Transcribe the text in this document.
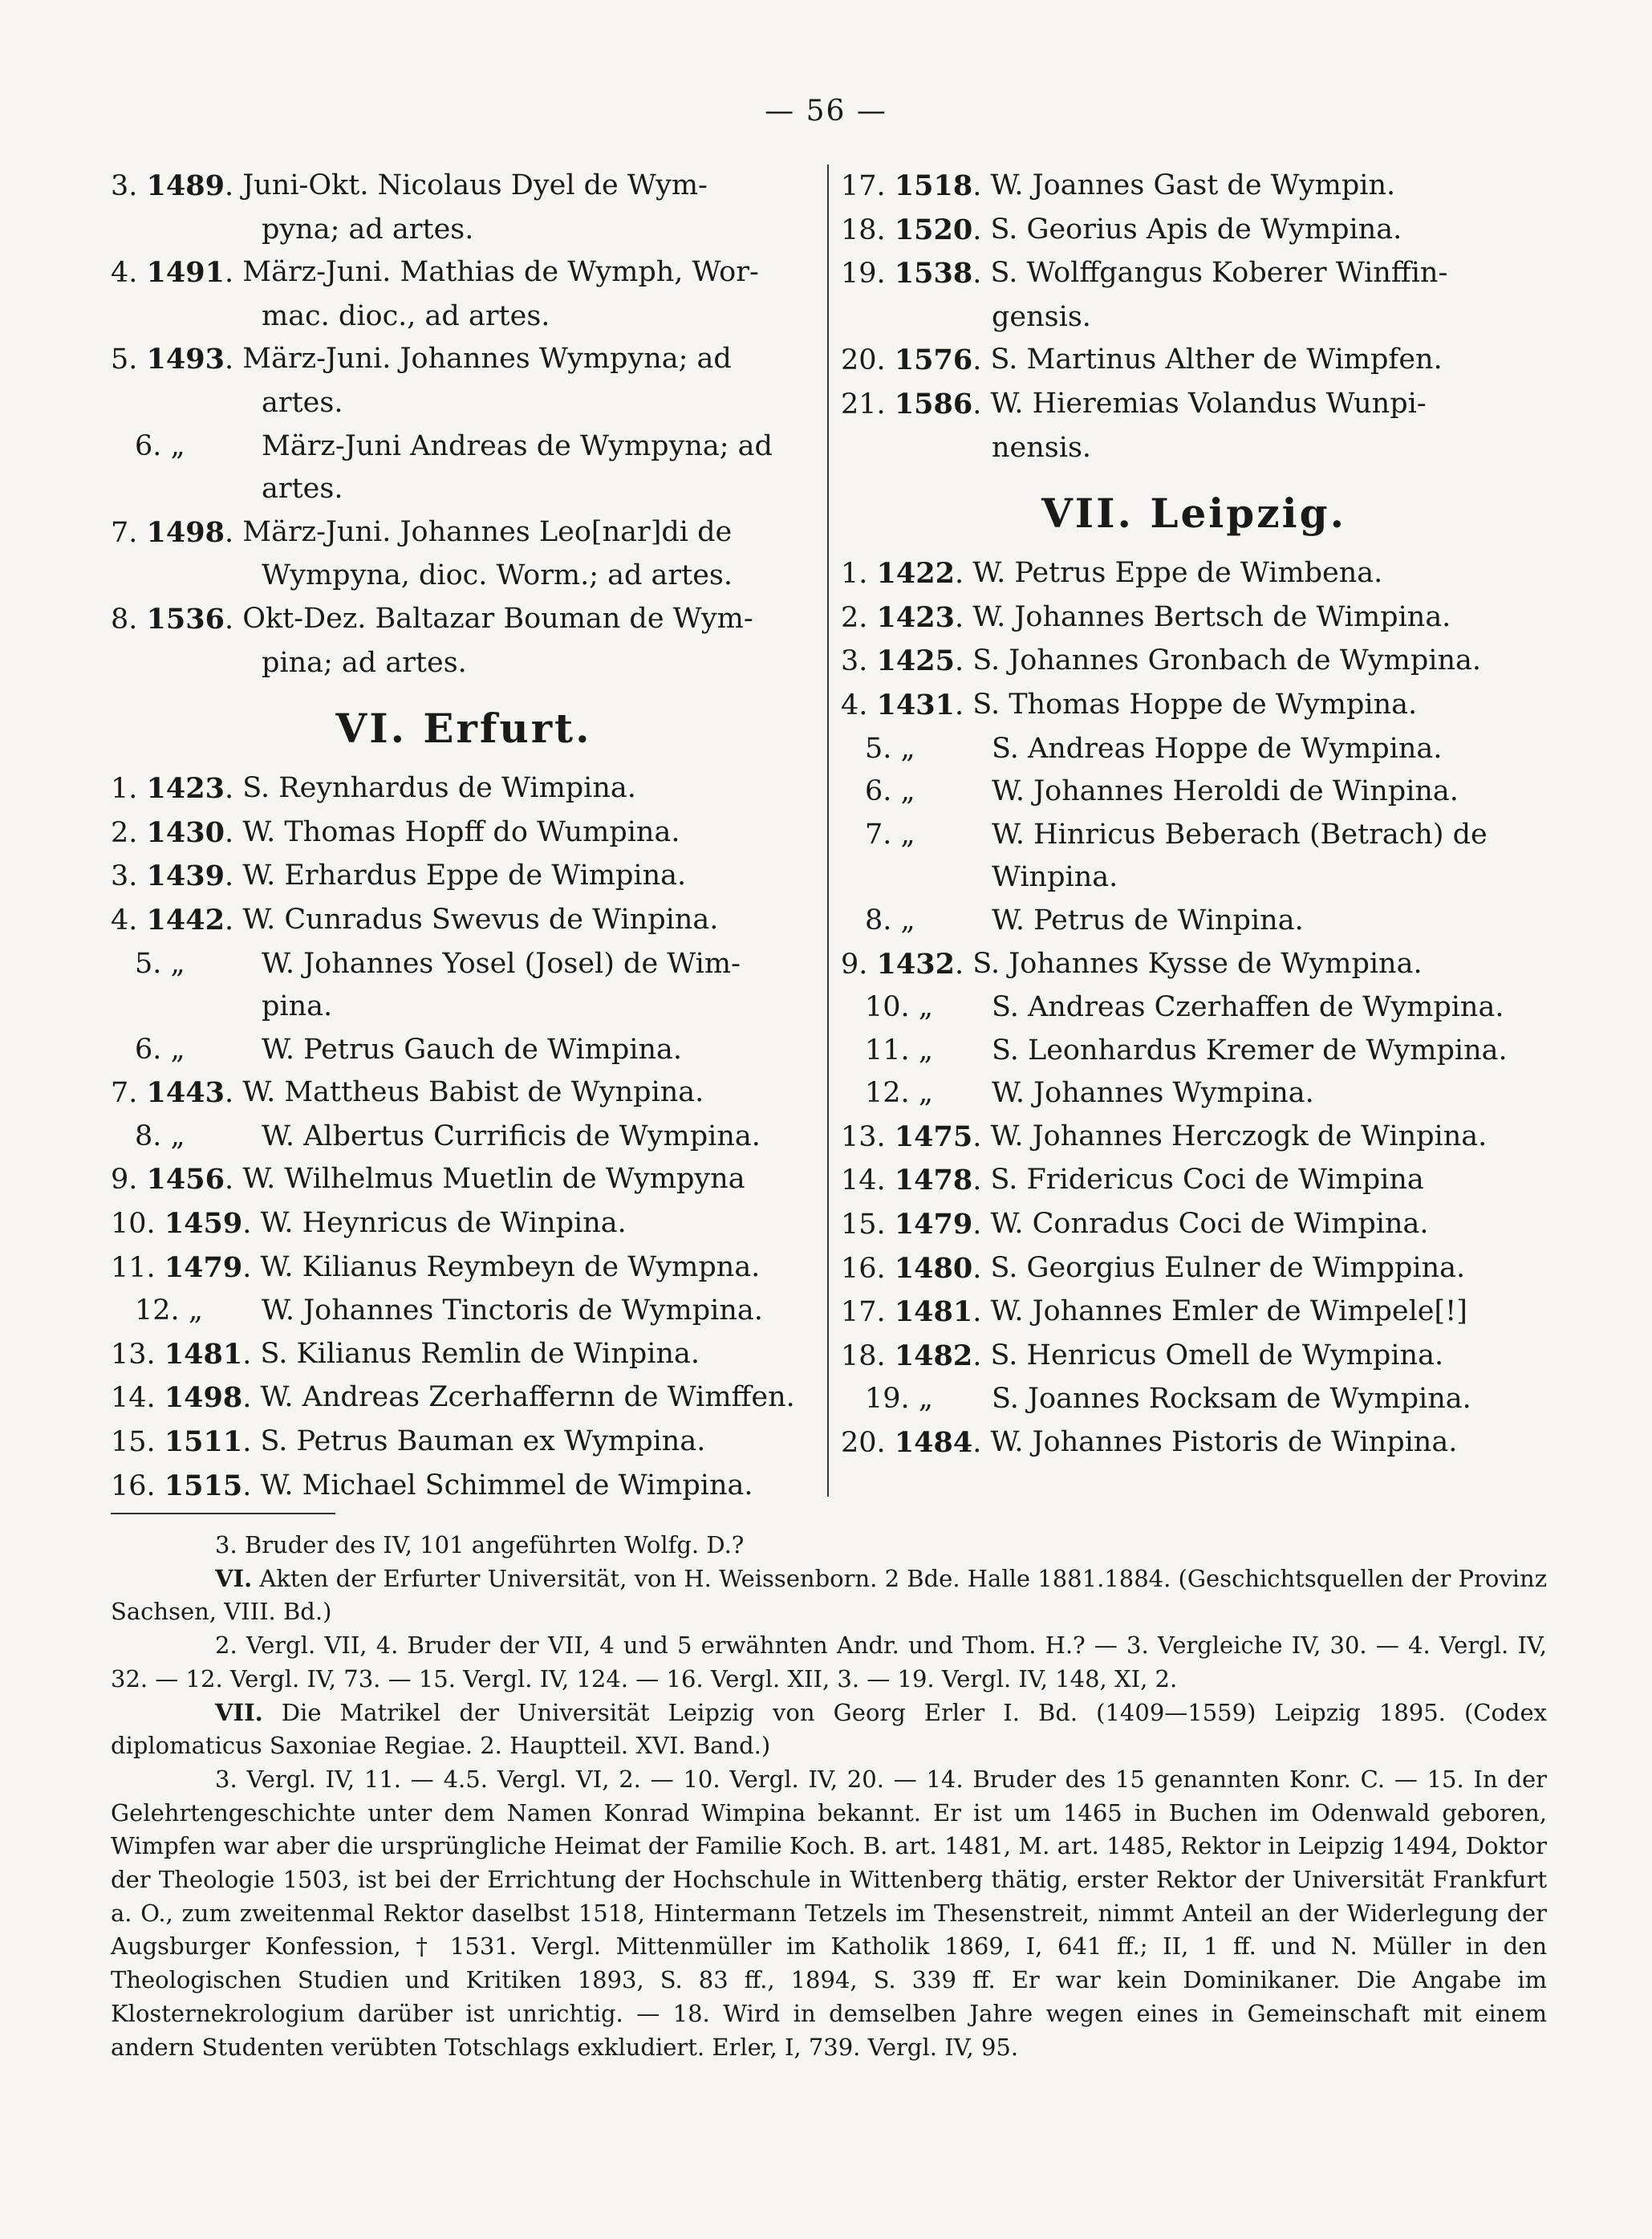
— 56 —
3. 1489. Juni-Okt. Nicolaus Dyel de Wym-
pyna; ad artes.
4. 1491. März-Juni. Mathias de Wymph, Wor-
mac. dioc., ad artes.
5. 1493. März-Juni. Johannes Wympyna; ad
artes.
6. „	März-Juni Andreas de Wympyna; ad
artes.
7. 1498. März-Juni. Johannes Leo[nar]di de
Wympyna, dioc. Worm.; ad artes.
8. 1536. Okt-Dez. Baltazar Bouman de Wym-
pina; ad artes.
VI. Erfurt.
1. 1423. S. Reynhardus de Wimpina.
2. 1430. W. Thomas Hopff do Wumpina.
3. 1439. W. Erhardus Eppe de Wimpina.
4. 1442. W. Cunradus Swevus de Winpina.
5. „	W. Johannes Yosel (Josel) de Wim-
pina.
6. „	W. Petrus Gauch de Wimpina.
7. 1443. W. Mattheus Babist de Wynpina.
8. „	W. Albertus Currificis de Wympina.
9. 1456. W. Wilhelmus Muetlin de Wympyna
10. 1459. W. Heynricus de Winpina.
11. 1479. W. Kilianus Reymbeyn de Wympna.
12. „	W. Johannes Tinctoris de Wympina.
13. 1481. S. Kilianus Remlin de Winpina.
14. 1498. W. Andreas Zcerhaffernn de Wimffen.
15. 1511. S. Petrus Bauman ex Wympina.
16. 1515. W. Michael Schimmel de Wimpina.
17. 1518. W. Joannes Gast de Wympin.
18. 1520. S. Georius Apis de Wympina.
19. 1538. S. Wolffgangus Koberer Winffin-
gensis.
20. 1576. S. Martinus Alther de Wimpfen.
21. 1586. W. Hieremias Volandus Wunpi-
nensis.
VII. Leipzig.
1. 1422. W. Petrus Eppe de Wimbena.
2. 1423. W. Johannes Bertsch de Wimpina.
3. 1425. S. Johannes Gronbach de Wympina.
4. 1431. S. Thomas Hoppe de Wympina.
5. „	S. Andreas Hoppe de Wympina.
6. „	W. Johannes Heroldi de Winpina.
7. „	W. Hinricus Beberach (Betrach) de
Winpina.
8. „	W. Petrus de Winpina.
9. 1432. S. Johannes Kysse de Wympina.
10. „	S. Andreas Czerhaffen de Wympina.
11. „	S. Leonhardus Kremer de Wympina.
12. „	W. Johannes Wympina.
13. 1475. W. Johannes Herczogk de Winpina.
14. 1478. S. Fridericus Coci de Wimpina
15. 1479. W. Conradus Coci de Wimpina.
16. 1480. S. Georgius Eulner de Wimppina.
17. 1481. W. Johannes Emler de Wimpele[!]
18. 1482. S. Henricus Omell de Wympina.
19. „	S. Joannes Rocksam de Wympina.
20. 1484. W. Johannes Pistoris de Winpina.

3. Bruder des IV, 101 angeführten Wolfg. D.?

VI. Akten der Erfurter Universität, von H. Weissenborn. 2 Bde. Halle 1881.1884. (Geschichtsquellen der Provinz Sachsen, VIII. Bd.)

2. Vergl. VII, 4. Bruder der VII, 4 und 5 erwähnten Andr. und Thom. H.? — 3. Vergleiche IV, 30. — 4. Vergl. IV, 32. — 12. Vergl. IV, 73. — 15. Vergl. IV, 124. — 16. Vergl. XII, 3. — 19. Vergl. IV, 148, XI, 2.

VII. Die Matrikel der Universität Leipzig von Georg Erler I. Bd. (1409—1559) Leipzig 1895. (Codex diplomaticus Saxoniae Regiae. 2. Hauptteil. XVI. Band.)

3. Vergl. IV, 11. — 4.5. Vergl. VI, 2. — 10. Vergl. IV, 20. — 14. Bruder des 15 genannten Konr. C. — 15. In der Gelehrtengeschichte unter dem Namen Konrad Wimpina bekannt. Er ist um 1465 in Buchen im Odenwald geboren, Wimpfen war aber die ursprüngliche Heimat der Familie Koch. B. art. 1481, M. art. 1485, Rektor in Leipzig 1494, Doktor der Theologie 1503, ist bei der Errichtung der Hochschule in Wittenberg thätig, erster Rektor der Universität Frankfurt a. O., zum zweitenmal Rektor daselbst 1518, Hintermann Tetzels im Thesenstreit, nimmt Anteil an der Widerlegung der Augsburger Konfession, † 1531. Vergl. Mittenmüller im Katholik 1869, I, 641 ff.; II, 1 ff. und N. Müller in den Theologischen Studien und Kritiken 1893, S. 83 ff., 1894, S. 339 ff. Er war kein Dominikaner. Die Angabe im Klosternekrologium darüber ist unrichtig. — 18. Wird in demselben Jahre wegen eines in Gemeinschaft mit einem andern Studenten verübten Totschlags exkludiert. Erler, I, 739. Vergl. IV, 95.
